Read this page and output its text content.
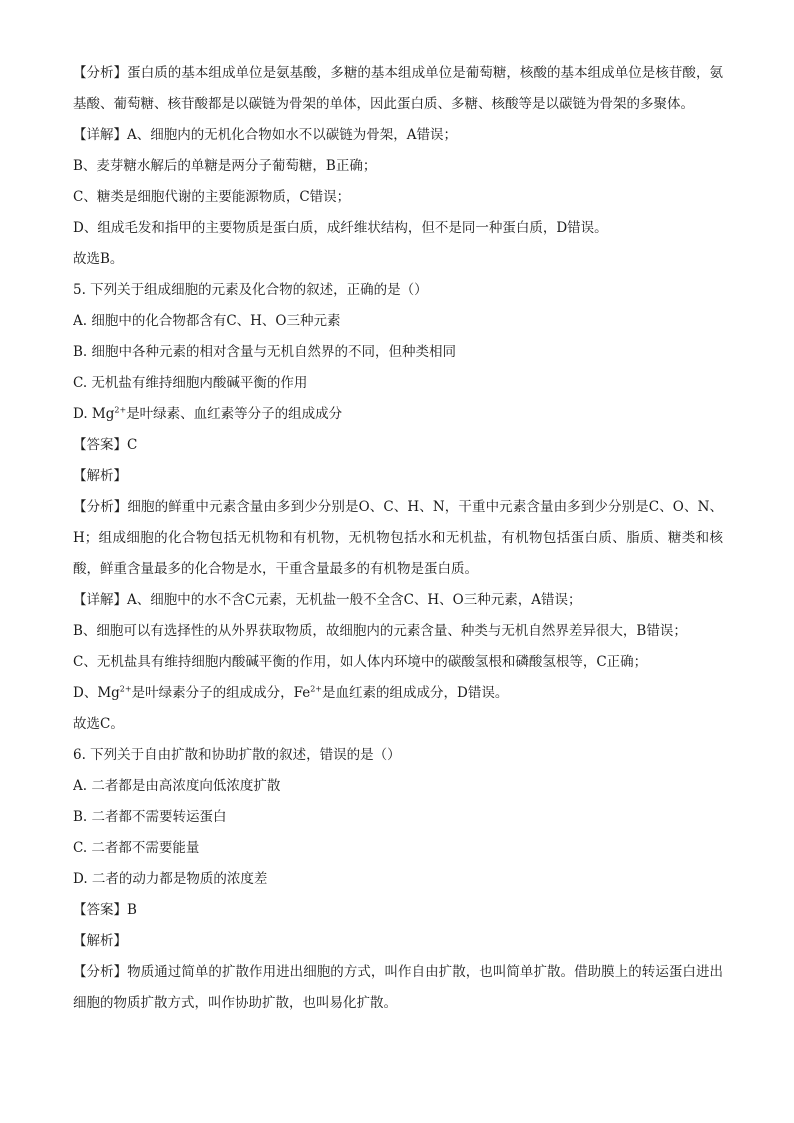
【分析】蛋白质的基本组成单位是氨基酸，多糖的基本组成单位是葡萄糖，核酸的基本组成单位是核苷酸，氨基酸、葡萄糖、核苷酸都是以碳链为骨架的单体，因此蛋白质、多糖、核酸等是以碳链为骨架的多聚体。
【详解】A、细胞内的无机化合物如水不以碳链为骨架，A错误；
B、麦芽糖水解后的单糖是两分子葡萄糖，B正确；
C、糖类是细胞代谢的主要能源物质，C错误；
D、组成毛发和指甲的主要物质是蛋白质，成纤维状结构，但不是同一种蛋白质，D错误。
故选B。
5. 下列关于组成细胞的元素及化合物的叙述，正确的是（）
A. 细胞中的化合物都含有C、H、O三种元素
B. 细胞中各种元素的相对含量与无机自然界的不同，但种类相同
C. 无机盐有维持细胞内酸碱平衡的作用
D. $Mg^{2+}$是叶绿素、血红素等分子的组成成分
【答案】C
【解析】
【分析】细胞的鲜重中元素含量由多到少分别是O、C、H、N，干重中元素含量由多到少分别是C、O、N、H；组成细胞的化合物包括无机物和有机物，无机物包括水和无机盐，有机物包括蛋白质、脂质、糖类和核酸，鲜重含量最多的化合物是水，干重含量最多的有机物是蛋白质。
【详解】A、细胞中的水不含C元素，无机盐一般不全含C、H、O三种元素，A错误；
B、细胞可以有选择性的从外界获取物质，故细胞内的元素含量、种类与无机自然界差异很大，B错误；
C、无机盐具有维持细胞内酸碱平衡的作用，如人体内环境中的碳酸氢根和磷酸氢根等，C正确；
D、$Mg^{2+}$是叶绿素分子的组成成分，$Fe^{2+}$是血红素的组成成分，D错误。
故选C。
6. 下列关于自由扩散和协助扩散的叙述，错误的是（）
A. 二者都是由高浓度向低浓度扩散
B. 二者都不需要转运蛋白
C. 二者都不需要能量
D. 二者的动力都是物质的浓度差
【答案】B
【解析】
【分析】物质通过简单的扩散作用进出细胞的方式，叫作自由扩散，也叫简单扩散。借助膜上的转运蛋白进出细胞的物质扩散方式，叫作协助扩散，也叫易化扩散。
